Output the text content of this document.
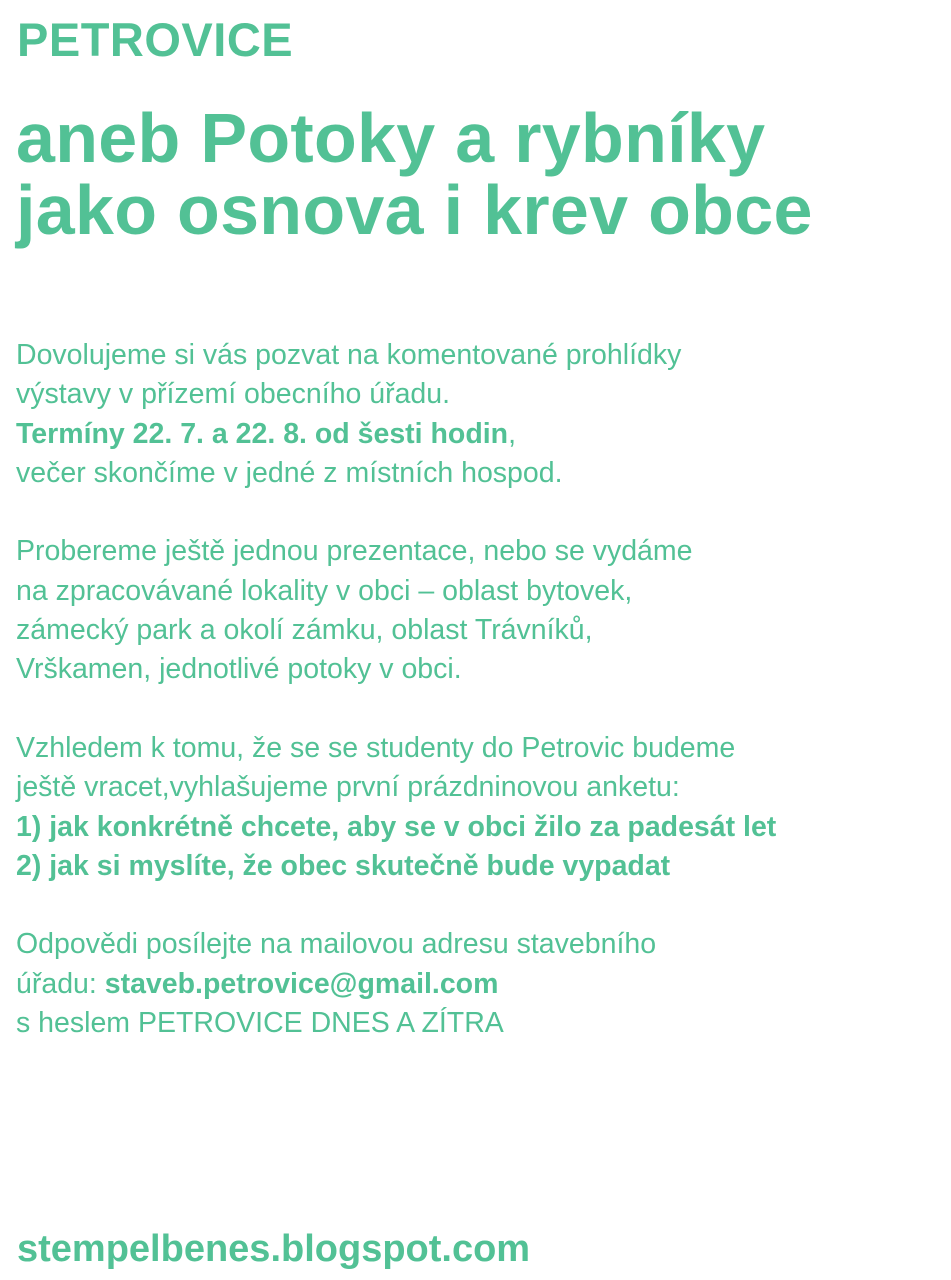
PETROVICE
aneb Potoky a rybníky
jako osnova i krev obce

Dovolujeme si vás pozvat na komentované prohlídky
výstavy v přízemí obecního úřadu.
Termíny 22. 7. a 22. 8. od šesti hodin,
večer skončíme v jedné z místních hospod.

Probereme ještě jednou prezentace, nebo se vydáme
na zpracovávané lokality v obci – oblast bytovek,
zámecký park a okolí zámku, oblast Trávníků,
Vrškamen, jednotlivé potoky v obci.

Vzhledem k tomu, že se se studenty do Petrovic budeme
ještě vracet,vyhlašujeme první prázdninovou anketu:
1) jak konkrétně chcete, aby se v obci žilo za padesát let
2) jak si myslíte, že obec skutečně bude vypadat

Odpovědi posílejte na mailovou adresu stavebního
úřadu: staveb.petrovice@gmail.com
s heslem PETROVICE DNES A ZÍTRA

stempelbenes.blogspot.com
